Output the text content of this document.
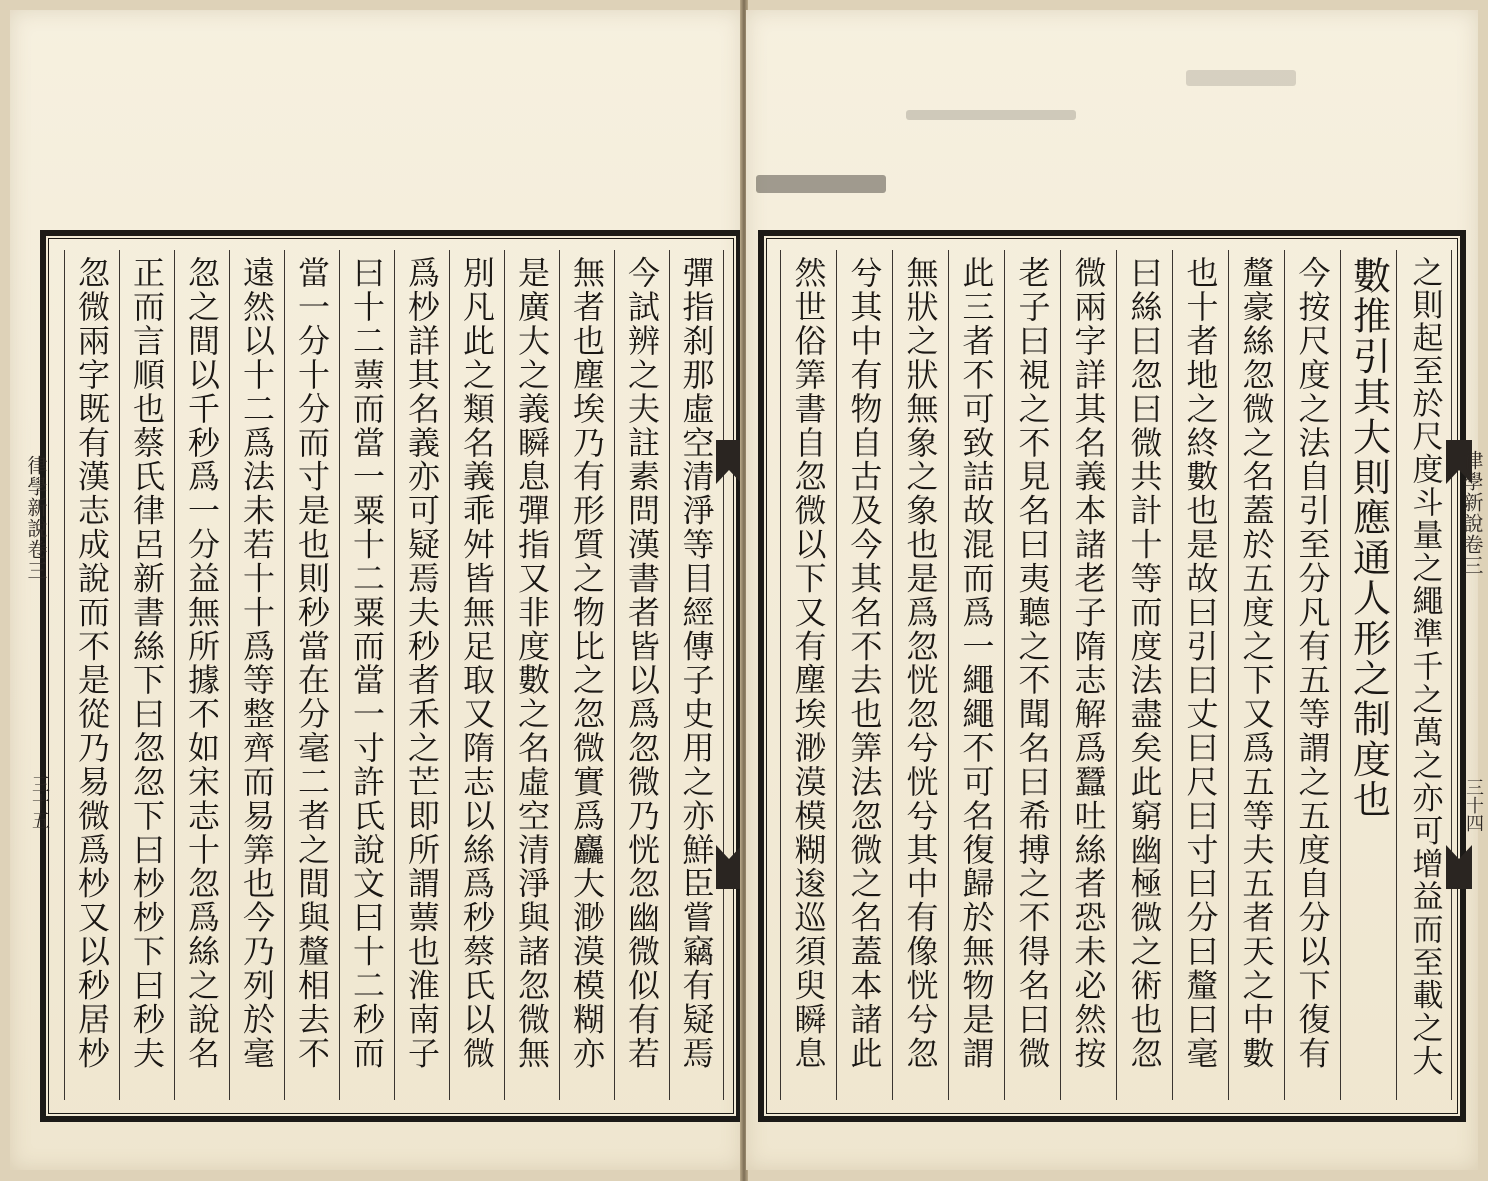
彈指刹那虛空清淨等目經傳子史用之亦鮮臣嘗竊有疑焉
今試辨之夫註素問漢書者皆以爲忽微乃恍忽幽微似有若
無者也塵埃乃有形質之物比之忽微實爲麤大渺漠模糊亦
是廣大之義瞬息彈指又非度數之名虛空清淨與諸忽微無
別凡此之類名義乖舛皆無足取又隋志以絲爲秒蔡氏以微
爲杪詳其名義亦可疑焉夫秒者禾之芒即所謂蔈也淮南子
曰十二蔈而當一粟十二粟而當一寸許氏說文曰十二秒而
當一分十分而寸是也則秒當在分毫二者之間與釐相去不
遠然以十二爲法未若十十爲等整齊而易筭也今乃列於毫
忽之間以千秒爲一分益無所據不如宋志十忽爲絲之說名
正而言順也蔡氏律呂新書絲下曰忽忽下曰杪杪下曰秒夫
忽微兩字既有漢志成說而不是從乃易微爲杪又以秒居杪
律學新說卷三
三十五	之則起至於尺度斗量之繩準千之萬之亦可增益而至載之大
數推引其大則應通人形之制度也
今按尺度之法自引至分凡有五等謂之五度自分以下復有
釐豪絲忽微之名蓋於五度之下又爲五等夫五者天之中數
也十者地之終數也是故曰引曰丈曰尺曰寸曰分曰釐曰毫
曰絲曰忽曰微共計十等而度法盡矣此窮幽極微之術也忽
微兩字詳其名義本諸老子隋志解爲蠶吐絲者恐未必然按
老子曰視之不見名曰夷聽之不聞名曰希搏之不得名曰微
此三者不可致詰故混而爲一繩繩不可名復歸於無物是謂
無狀之狀無象之象也是爲忽恍忽兮恍兮其中有像恍兮忽
兮其中有物自古及今其名不去也筭法忽微之名蓋本諸此
然世俗筭書自忽微以下又有塵埃渺漠模糊逡巡須臾瞬息	律學新說卷三
三十四
